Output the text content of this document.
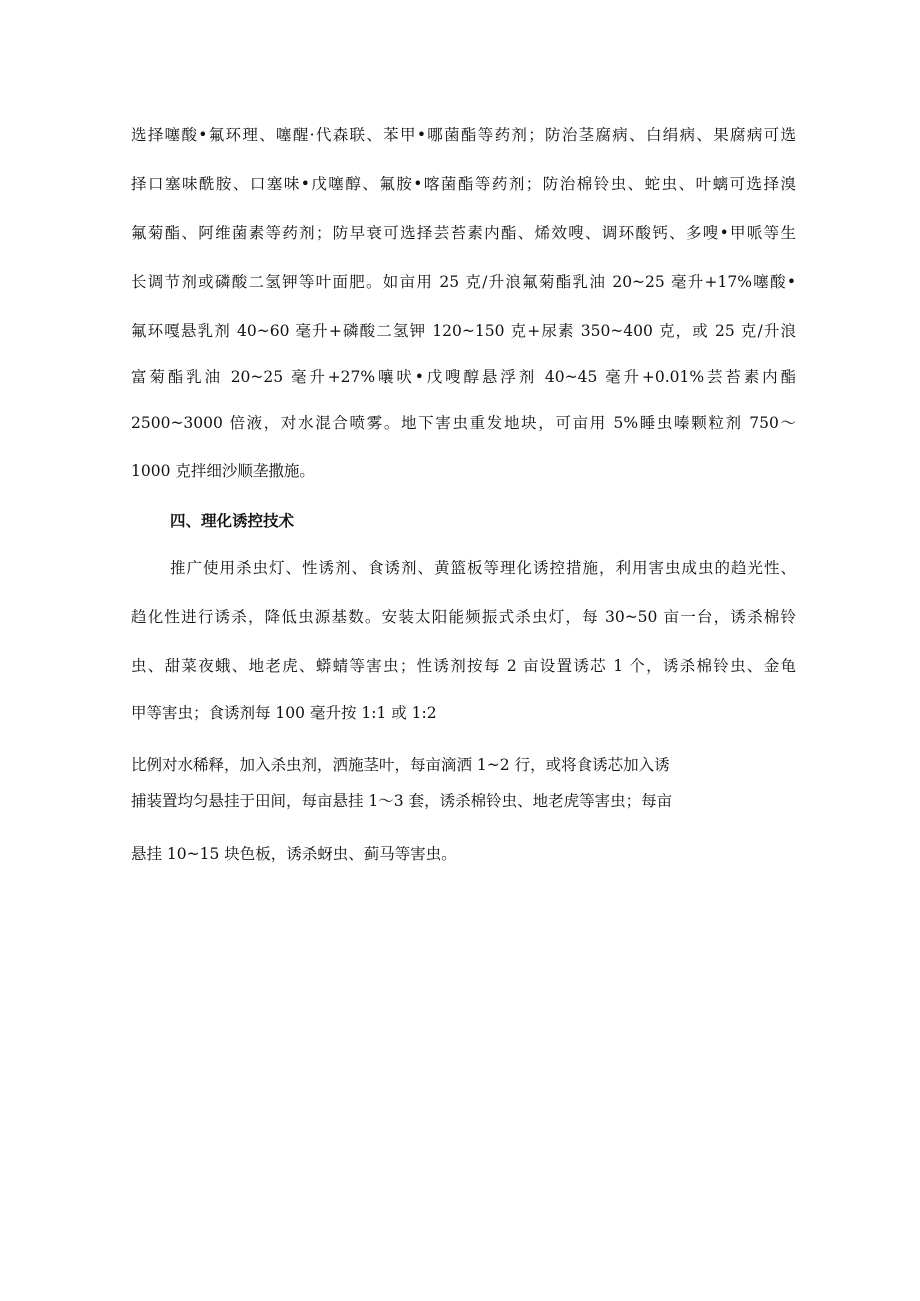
选择噻酸•氟环理、噻醒·代森联、苯甲•哪菌酯等药剂；防治茎腐病、白绢病、果腐病可选
择口塞味酰胺、口塞味•戊噻醇、氟胺•喀菌酯等药剂；防治棉铃虫、蛇虫、叶螭可选择溴
氟菊酯、阿维菌素等药剂；防早衰可选择芸苔素内酯、烯效嗖、调环酸钙、多嗖•甲哌等生
长调节剂或磷酸二氢钾等叶面肥。如亩用 25 克/升浪氟菊酯乳油 20~25 毫升+17%噻酸•
氟环嘎悬乳剂 40~60 毫升+磷酸二氢钾 120~150 克+尿素 350~400 克，或 25 克/升浪
富菊酯乳油 20~25 毫升+27%嚷吠•戊嗖醇悬浮剂 40~45 毫升+0.01%芸苔素内酯
2500~3000 倍液，对水混合喷雾。地下害虫重发地块，可亩用 5%睡虫嗪颗粒剂 750～
1000 克拌细沙顺垄撒施。
四、理化诱控技术
推广使用杀虫灯、性诱剂、食诱剂、黄篮板等理化诱控措施，利用害虫成虫的趋光性、
趋化性进行诱杀，降低虫源基数。安装太阳能频振式杀虫灯，每 30~50 亩一台，诱杀棉铃
虫、甜菜夜蛾、地老虎、蟒蜻等害虫；性诱剂按每 2 亩设置诱芯 1 个，诱杀棉铃虫、金龟
甲等害虫；食诱剂每 100 毫升按 1:1 或 1:2
比例对水稀释，加入杀虫剂，洒施茎叶，每亩滴洒 1~2 行，或将食诱芯加入诱
捕装置均匀悬挂于田间，每亩悬挂 1～3 套，诱杀棉铃虫、地老虎等害虫；每亩
悬挂 10~15 块色板，诱杀蚜虫、蓟马等害虫。
